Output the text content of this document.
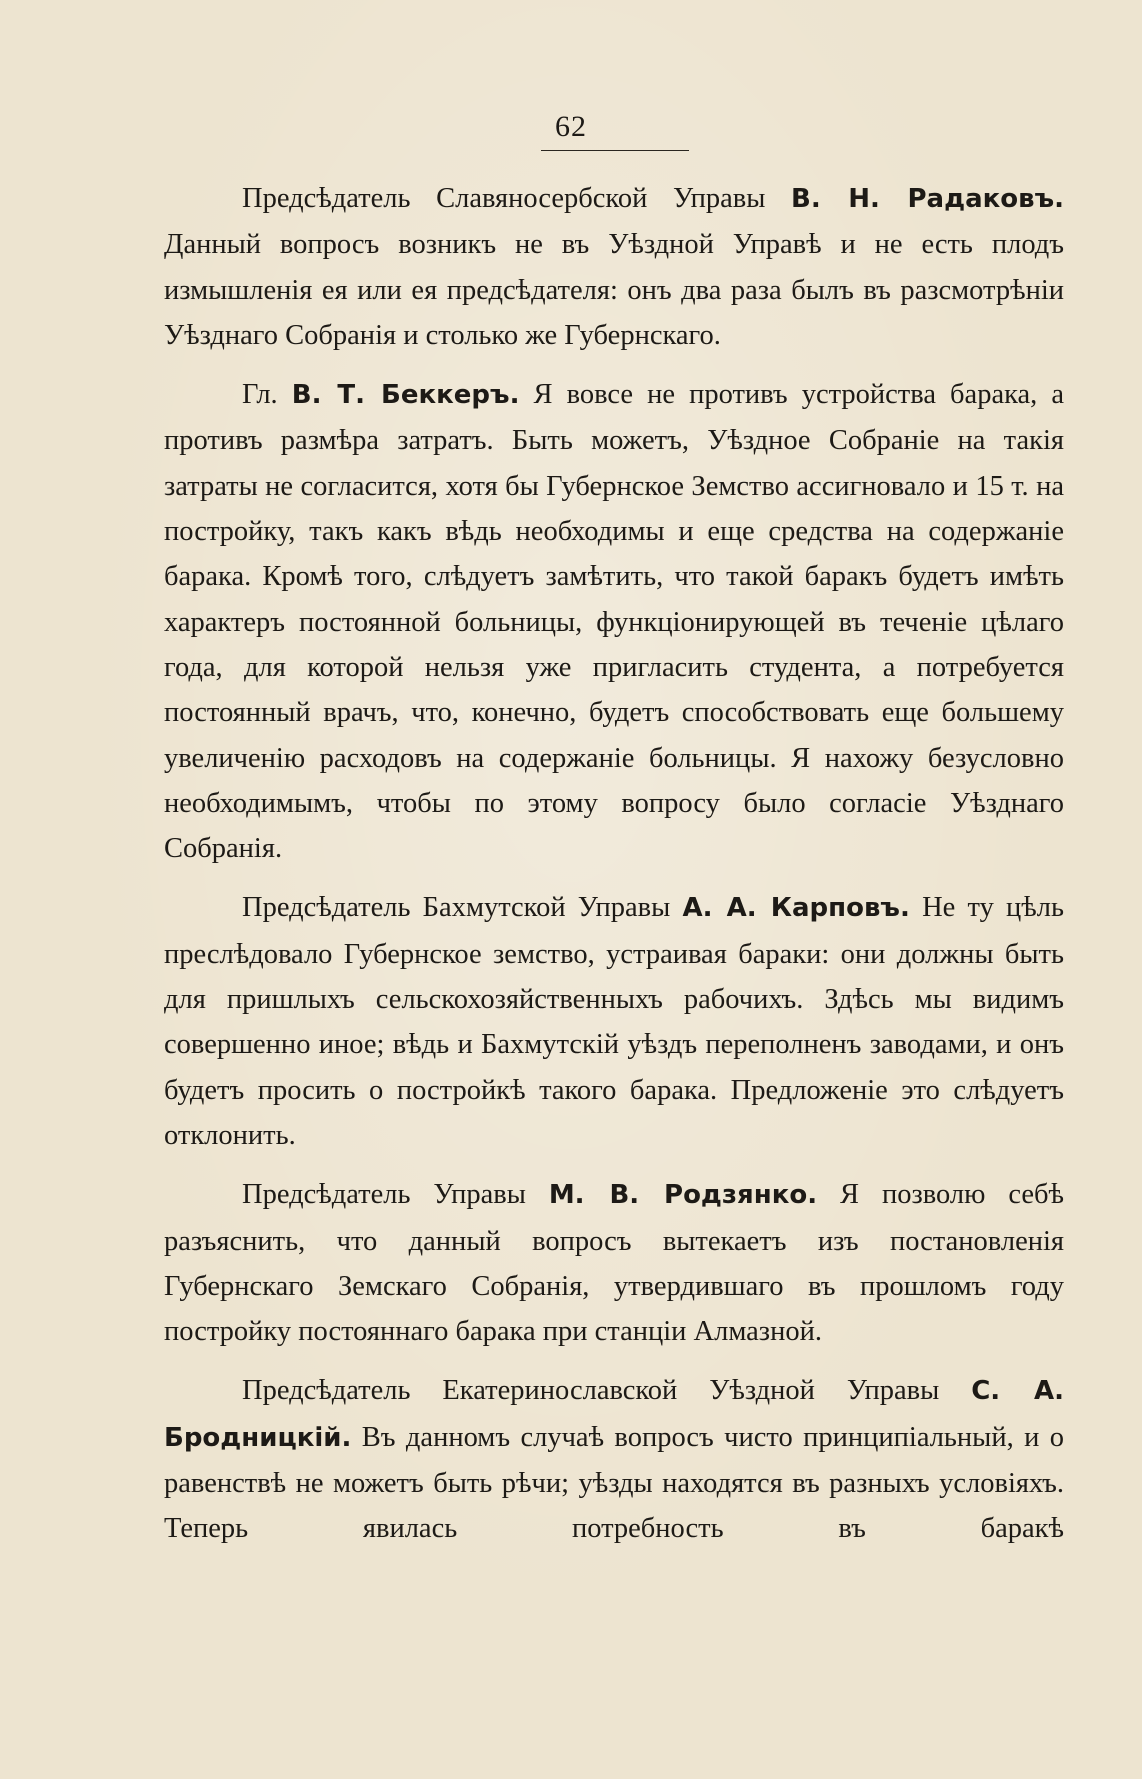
62

Предсѣдатель Славяносербской Управы В. Н. Радаковъ. Данный вопросъ возникъ не въ Уѣздной Управѣ и не есть плодъ измышленія ея или ея предсѣдателя: онъ два раза былъ въ разсмотрѣніи Уѣзднаго Собранія и столько же Губернскаго.

Гл. В. Т. Беккеръ. Я вовсе не противъ устройства барака, а противъ размѣра затратъ. Быть можетъ, Уѣздное Собраніе на такія затраты не согласится, хотя бы Губернское Земство ассигновало и 15 т. на постройку, такъ какъ вѣдь необходимы и еще средства на содержаніе барака. Кромѣ того, слѣдуетъ замѣтить, что такой баракъ будетъ имѣть характеръ постоянной больницы, функціонирующей въ теченіе цѣлаго года, для которой нельзя уже пригласить студента, а потребуется постоянный врачъ, что, конечно, будетъ способствовать еще большему увеличенію расходовъ на содержаніе больницы. Я нахожу безусловно необходимымъ, чтобы по этому вопросу было согласіе Уѣзднаго Собранія.

Предсѣдатель Бахмутской Управы А. А. Карповъ. Не ту цѣль преслѣдовало Губернское земство, устраивая бараки: они должны быть для пришлыхъ сельскохозяйственныхъ рабочихъ. Здѣсь мы видимъ совершенно иное; вѣдь и Бахмутскій уѣздъ переполненъ заводами, и онъ будетъ просить о постройкѣ такого барака. Предложеніе это слѣдуетъ отклонить.

Предсѣдатель Управы М. В. Родзянко. Я позволю себѣ разъяснить, что данный вопросъ вытекаетъ изъ постановленія Губернскаго Земскаго Собранія, утвердившаго въ прошломъ году постройку постояннаго барака при станціи Алмазной.

Предсѣдатель Екатеринославской Уѣздной Управы С. А. Бродницкій. Въ данномъ случаѣ вопросъ чисто принципіальный, и о равенствѣ не можетъ быть рѣчи; уѣзды находятся въ разныхъ условіяхъ. Теперь явилась потребность въ баракѣ
